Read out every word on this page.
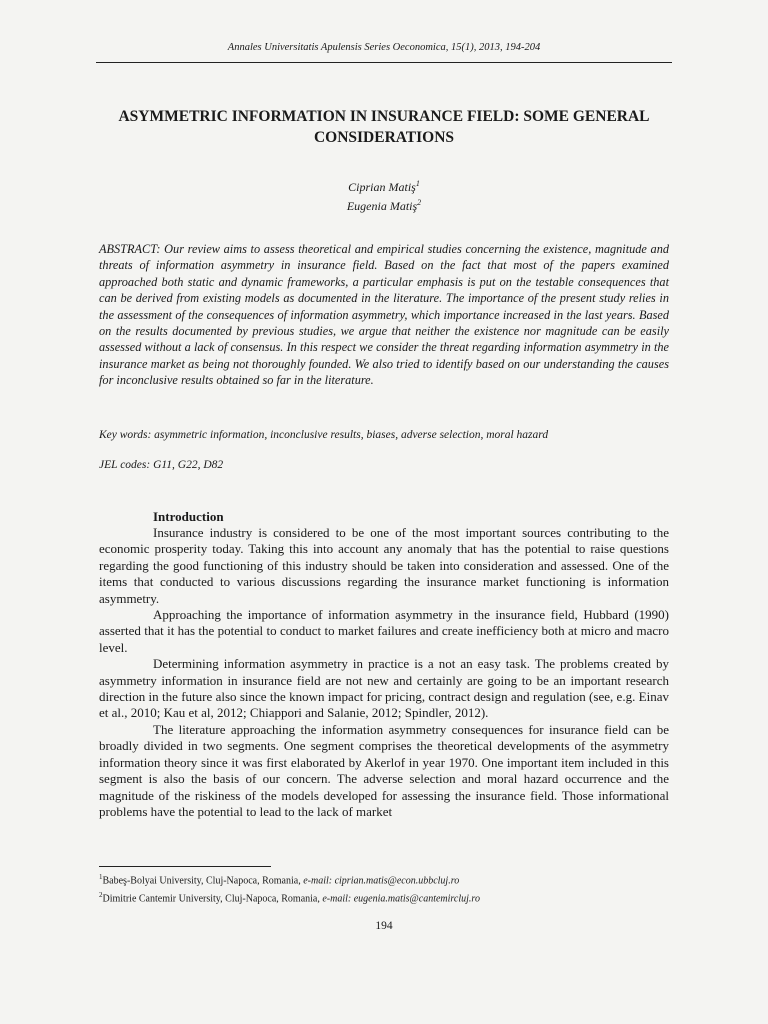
Annales Universitatis Apulensis Series Oeconomica, 15(1), 2013, 194-204
ASYMMETRIC INFORMATION IN INSURANCE FIELD: SOME GENERAL CONSIDERATIONS
Ciprian Matiş$^1$
Eugenia Matiş$^2$

ABSTRACT: Our review aims to assess theoretical and empirical studies concerning the existence, magnitude and threats of information asymmetry in insurance field. Based on the fact that most of the papers examined approached both static and dynamic frameworks, a particular emphasis is put on the testable consequences that can be derived from existing models as documented in the literature. The importance of the present study relies in the assessment of the consequences of information asymmetry, which importance increased in the last years. Based on the results documented by previous studies, we argue that neither the existence nor magnitude can be easily assessed without a lack of consensus. In this respect we consider the threat regarding information asymmetry in the insurance market as being not thoroughly founded. We also tried to identify based on our understanding the causes for inconclusive results obtained so far in the literature.

Key words: asymmetric information, inconclusive results, biases, adverse selection, moral hazard

JEL codes: G11, G22, D82

Introduction

Insurance industry is considered to be one of the most important sources contributing to the economic prosperity today. Taking this into account any anomaly that has the potential to raise questions regarding the good functioning of this industry should be taken into consideration and assessed. One of the items that conducted to various discussions regarding the insurance market functioning is information asymmetry.

Approaching the importance of information asymmetry in the insurance field, Hubbard (1990) asserted that it has the potential to conduct to market failures and create inefficiency both at micro and macro level.

Determining information asymmetry in practice is a not an easy task. The problems created by asymmetry information in insurance field are not new and certainly are going to be an important research direction in the future also since the known impact for pricing, contract design and regulation (see, e.g. Einav et al., 2010; Kau et al, 2012; Chiappori and Salanie, 2012; Spindler, 2012).

The literature approaching the information asymmetry consequences for insurance field can be broadly divided in two segments. One segment comprises the theoretical developments of the asymmetry information theory since it was first elaborated by Akerlof in year 1970. One important item included in this segment is also the basis of our concern. The adverse selection and moral hazard occurrence and the magnitude of the riskiness of the models developed for assessing the insurance field. Those informational problems have the potential to lead to the lack of market

$^1$Babeş-Bolyai University, Cluj-Napoca, Romania, e-mail: ciprian.matis@econ.ubbcluj.ro
$^2$Dimitrie Cantemir University, Cluj-Napoca, Romania, e-mail: eugenia.matis@cantemircluj.ro
194
